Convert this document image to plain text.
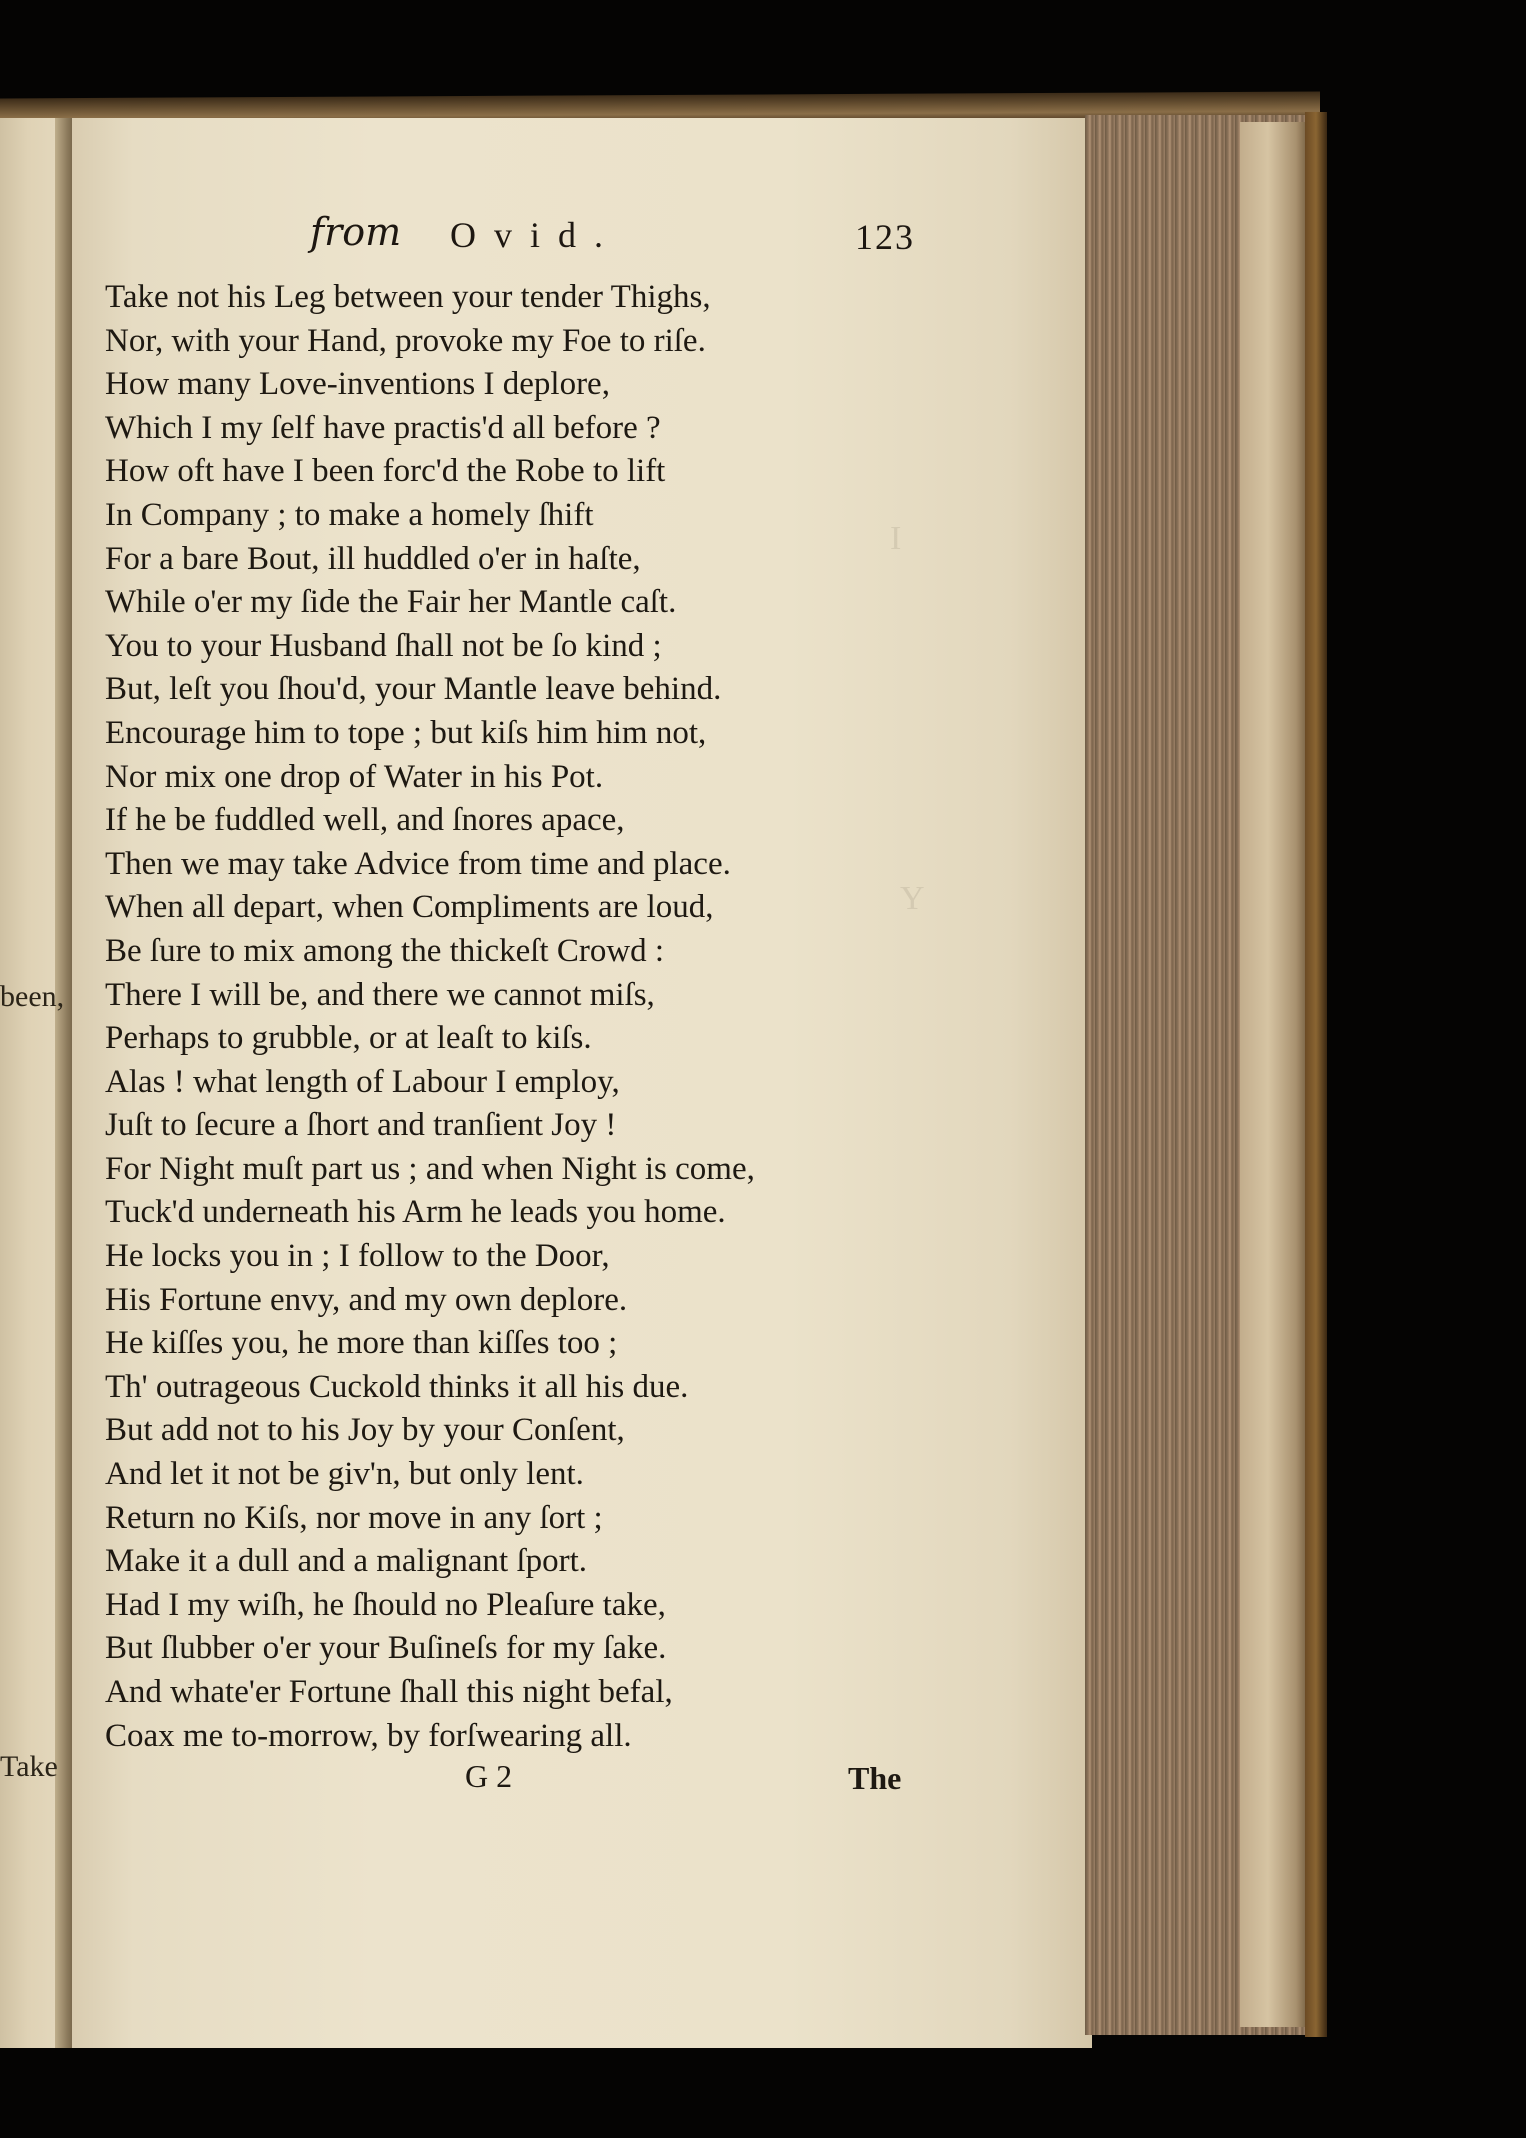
been,
Take
I
Y
from Ovid.	123
Take not his Leg between your tender Thighs,
Nor, with your Hand, provoke my Foe to riſe.
How many Love-inventions I deplore,
Which I my ſelf have practis'd all before ?
How oft have I been forc'd the Robe to lift
In Company ; to make a homely ſhift
For a bare Bout, ill huddled o'er in haſte,
While o'er my ſide the Fair her Mantle caſt.
You to your Husband ſhall not be ſo kind ;
But, leſt you ſhou'd, your Mantle leave behind.
Encourage him to tope ; but kiſs him him not,
Nor mix one drop of Water in his Pot.
If he be fuddled well, and ſnores apace,
Then we may take Advice from time and place.
When all depart, when Compliments are loud,
Be ſure to mix among the thickeſt Crowd :
There I will be, and there we cannot miſs,
Perhaps to grubble, or at leaſt to kiſs.
Alas ! what length of Labour I employ,
Juſt to ſecure a ſhort and tranſient Joy !
For Night muſt part us ; and when Night is come,
Tuck'd underneath his Arm he leads you home.
He locks you in ; I follow to the Door,
His Fortune envy, and my own deplore.
He kiſſes you, he more than kiſſes too ;
Th' outrageous Cuckold thinks it all his due.
But add not to his Joy by your Conſent,
And let it not be giv'n, but only lent.
Return no Kiſs, nor move in any ſort ;
Make it a dull and a malignant ſport.
Had I my wiſh, he ſhould no Pleaſure take,
But ſlubber o'er your Buſineſs for my ſake.
And whate'er Fortune ſhall this night befal,
Coax me to-morrow, by forſwearing all.
G 2	The
